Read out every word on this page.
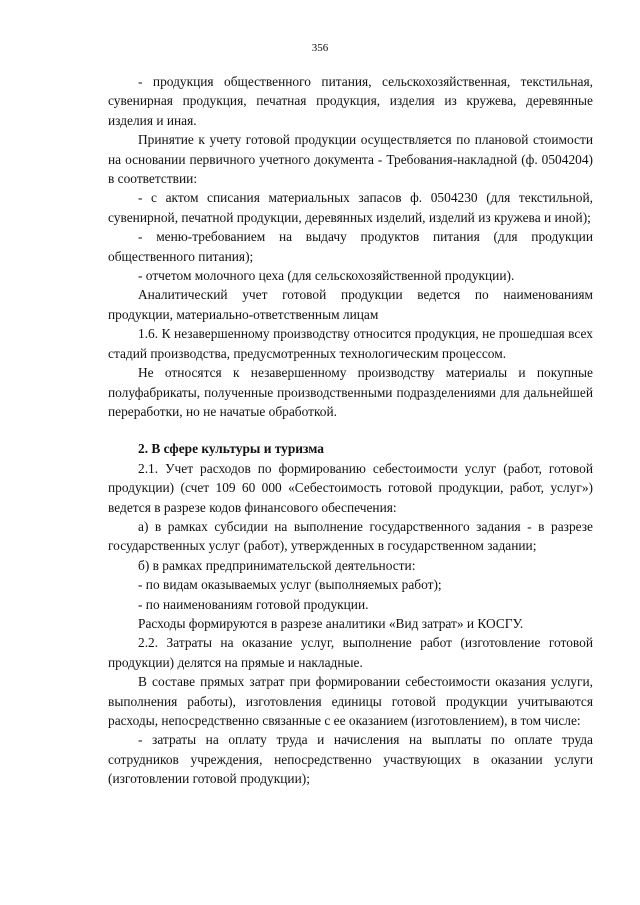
356

- продукция общественного питания, сельскохозяйственная, текстильная, сувенирная продукция, печатная продукция, изделия из кружева, деревянные изделия и иная.

Принятие к учету готовой продукции осуществляется по плановой стоимости на основании первичного учетного документа - Требования-накладной (ф. 0504204) в соответствии:

- с актом списания материальных запасов ф. 0504230 (для текстильной, сувенирной, печатной продукции, деревянных изделий, изделий из кружева и иной);

- меню-требованием на выдачу продуктов питания (для продукции общественного питания);

- отчетом молочного цеха (для сельскохозяйственной продукции).

Аналитический учет готовой продукции ведется по наименованиям продукции, материально-ответственным лицам

1.6. К незавершенному производству относится продукция, не прошедшая всех стадий производства, предусмотренных технологическим процессом.

Не относятся к незавершенному производству материалы и покупные полуфабрикаты, полученные производственными подразделениями для дальнейшей переработки, но не начатые обработкой.

2. В сфере культуры и туризма

2.1. Учет расходов по формированию себестоимости услуг (работ, готовой продукции) (счет 109 60 000 «Себестоимость готовой продукции, работ, услуг») ведется в разрезе кодов финансового обеспечения:

а) в рамках субсидии на выполнение государственного задания - в разрезе государственных услуг (работ), утвержденных в государственном задании;

б) в рамках предпринимательской деятельности:

- по видам оказываемых услуг (выполняемых работ);

- по наименованиям готовой продукции.

Расходы формируются в разрезе аналитики «Вид затрат» и КОСГУ.

2.2. Затраты на оказание услуг, выполнение работ (изготовление готовой продукции) делятся на прямые и накладные.

В составе прямых затрат при формировании себестоимости оказания услуги, выполнения работы), изготовления единицы готовой продукции учитываются расходы, непосредственно связанные с ее оказанием (изготовлением), в том числе:

- затраты на оплату труда и начисления на выплаты по оплате труда сотрудников учреждения, непосредственно участвующих в оказании услуги (изготовлении готовой продукции);
